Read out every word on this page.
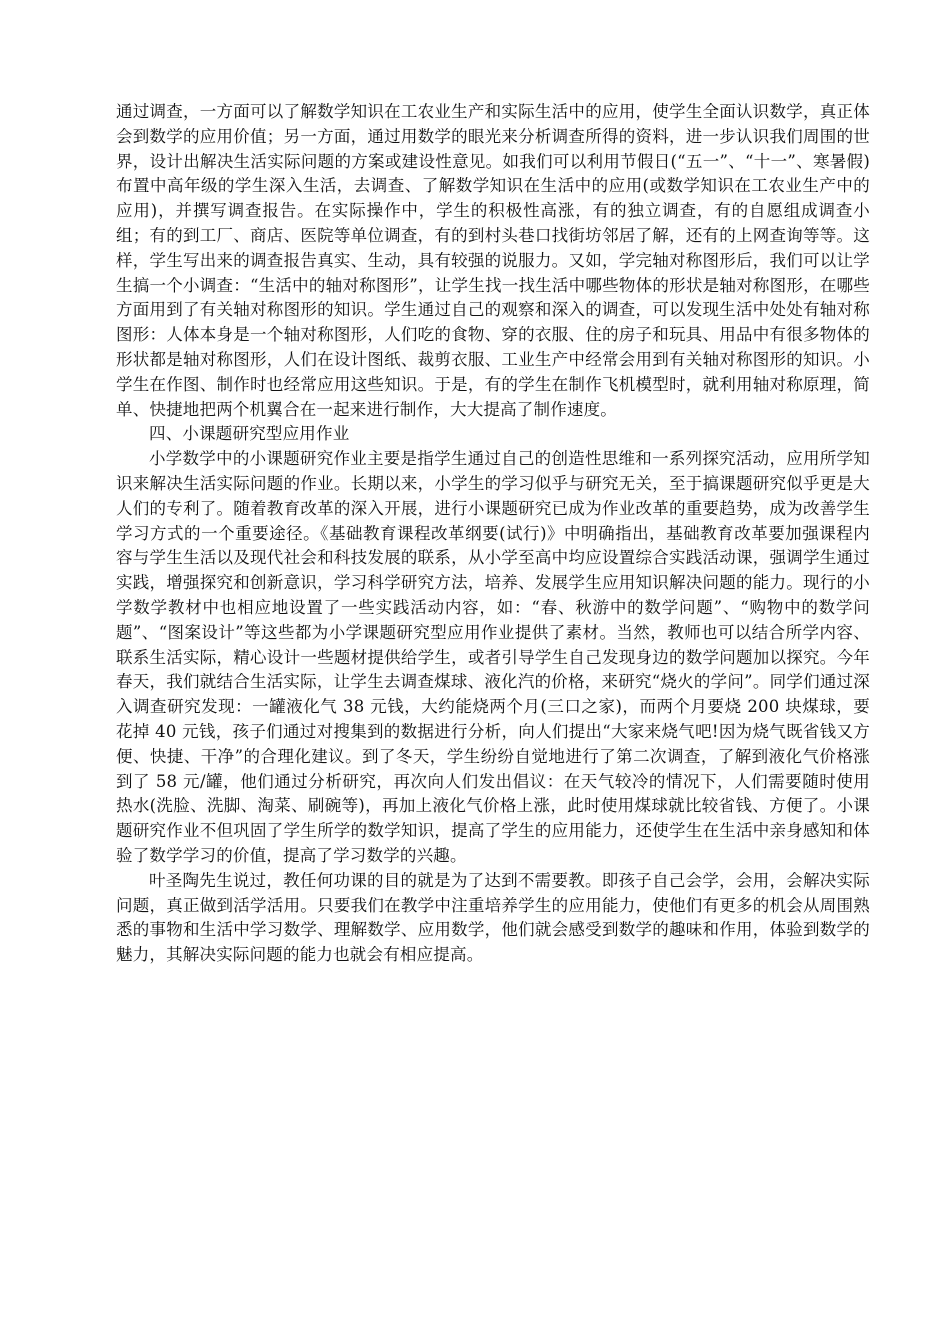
通过调查，一方面可以了解数学知识在工农业生产和实际生活中的应用，使学生全面认识数学，真正体会到数学的应用价值；另一方面，通过用数学的眼光来分析调查所得的资料，进一步认识我们周围的世界，设计出解决生活实际问题的方案或建设性意见。如我们可以利用节假日(“五一”、“十一”、寒暑假)布置中高年级的学生深入生活，去调查、了解数学知识在生活中的应用(或数学知识在工农业生产中的应用)，并撰写调查报告。在实际操作中，学生的积极性高涨，有的独立调查，有的自愿组成调查小组；有的到工厂、商店、医院等单位调查，有的到村头巷口找街坊邻居了解，还有的上网查询等等。这样，学生写出来的调查报告真实、生动，具有较强的说服力。又如，学完轴对称图形后，我们可以让学生搞一个小调查：“生活中的轴对称图形”，让学生找一找生活中哪些物体的形状是轴对称图形，在哪些方面用到了有关轴对称图形的知识。学生通过自己的观察和深入的调查，可以发现生活中处处有轴对称图形：人体本身是一个轴对称图形，人们吃的食物、穿的衣服、住的房子和玩具、用品中有很多物体的形状都是轴对称图形，人们在设计图纸、裁剪衣服、工业生产中经常会用到有关轴对称图形的知识。小学生在作图、制作时也经常应用这些知识。于是，有的学生在制作飞机模型时，就利用轴对称原理，简单、快捷地把两个机翼合在一起来进行制作，大大提高了制作速度。

四、小课题研究型应用作业

小学数学中的小课题研究作业主要是指学生通过自己的创造性思维和一系列探究活动，应用所学知识来解决生活实际问题的作业。长期以来，小学生的学习似乎与研究无关，至于搞课题研究似乎更是大人们的专利了。随着教育改革的深入开展，进行小课题研究已成为作业改革的重要趋势，成为改善学生学习方式的一个重要途径。《基础教育课程改革纲要(试行)》中明确指出，基础教育改革要加强课程内容与学生生活以及现代社会和科技发展的联系，从小学至高中均应设置综合实践活动课，强调学生通过实践，增强探究和创新意识，学习科学研究方法，培养、发展学生应用知识解决问题的能力。现行的小学数学教材中也相应地设置了一些实践活动内容，如：“春、秋游中的数学问题”、“购物中的数学问题”、“图案设计”等这些都为小学课题研究型应用作业提供了素材。当然，教师也可以结合所学内容、联系生活实际，精心设计一些题材提供给学生，或者引导学生自己发现身边的数学问题加以探究。今年春天，我们就结合生活实际，让学生去调查煤球、液化汽的价格，来研究“烧火的学问”。同学们通过深入调查研究发现：一罐液化气 38 元钱，大约能烧两个月(三口之家)，而两个月要烧 200 块煤球，要花掉 40 元钱，孩子们通过对搜集到的数据进行分析，向人们提出“大家来烧气吧!因为烧气既省钱又方便、快捷、干净”的合理化建议。到了冬天，学生纷纷自觉地进行了第二次调查，了解到液化气价格涨到了 58 元/罐，他们通过分析研究，再次向人们发出倡议：在天气较冷的情况下，人们需要随时使用热水(洗脸、洗脚、淘菜、刷碗等)，再加上液化气价格上涨，此时使用煤球就比较省钱、方便了。小课题研究作业不但巩固了学生所学的数学知识，提高了学生的应用能力，还使学生在生活中亲身感知和体验了数学学习的价值，提高了学习数学的兴趣。

叶圣陶先生说过，教任何功课的目的就是为了达到不需要教。即孩子自己会学，会用，会解决实际问题，真正做到活学活用。只要我们在教学中注重培养学生的应用能力，使他们有更多的机会从周围熟悉的事物和生活中学习数学、理解数学、应用数学，他们就会感受到数学的趣味和作用，体验到数学的魅力，其解决实际问题的能力也就会有相应提高。
